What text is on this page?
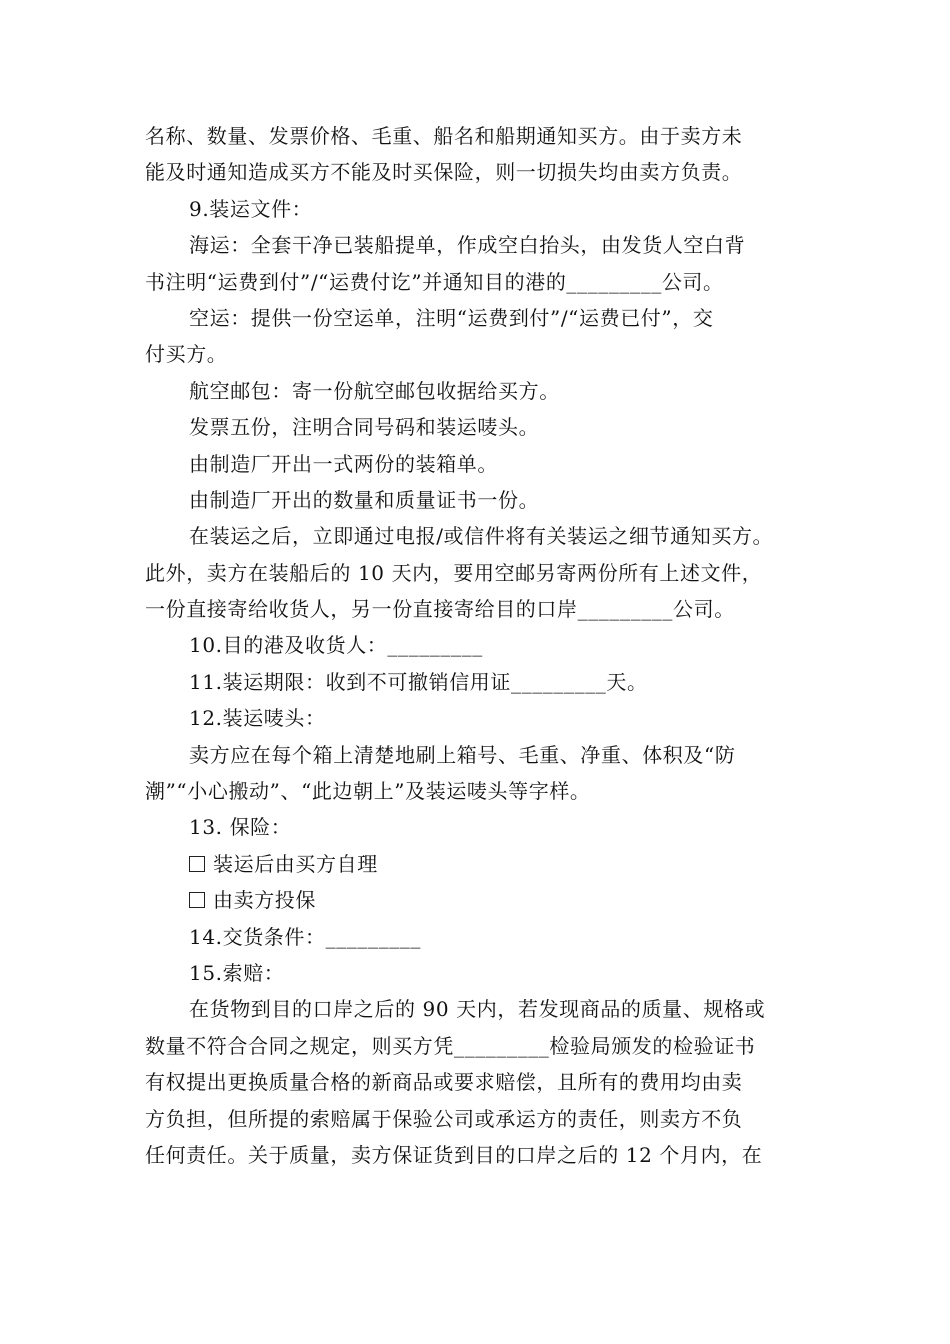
名称、数量、发票价格、毛重、船名和船期通知买方。由于卖方未
能及时通知造成买方不能及时买保险，则一切损失均由卖方负责。
9.装运文件：
海运：全套干净已装船提单，作成空白抬头，由发货人空白背
书注明“运费到付”/“运费付讫”并通知目的港的_________公司。
空运：提供一份空运单，注明“运费到付”/“运费已付”，交
付买方。
航空邮包：寄一份航空邮包收据给买方。
发票五份，注明合同号码和装运唛头。
由制造厂开出一式两份的装箱单。
由制造厂开出的数量和质量证书一份。
在装运之后，立即通过电报/或信件将有关装运之细节通知买方。
此外，卖方在装船后的 10 天内，要用空邮另寄两份所有上述文件，
一份直接寄给收货人，另一份直接寄给目的口岸_________公司。
10.目的港及收货人：_________
11.装运期限：收到不可撤销信用证_________天。
12.装运唛头：
卖方应在每个箱上清楚地刷上箱号、毛重、净重、体积及“防
潮”“小心搬动”、“此边朝上”及装运唛头等字样。
13. 保险：
装运后由买方自理
由卖方投保
14.交货条件：_________
15.索赔：
在货物到目的口岸之后的 90 天内，若发现商品的质量、规格或
数量不符合合同之规定，则买方凭_________检验局颁发的检验证书
有权提出更换质量合格的新商品或要求赔偿，且所有的费用均由卖
方负担，但所提的索赔属于保验公司或承运方的责任，则卖方不负
任何责任。关于质量，卖方保证货到目的口岸之后的 12 个月内，在
